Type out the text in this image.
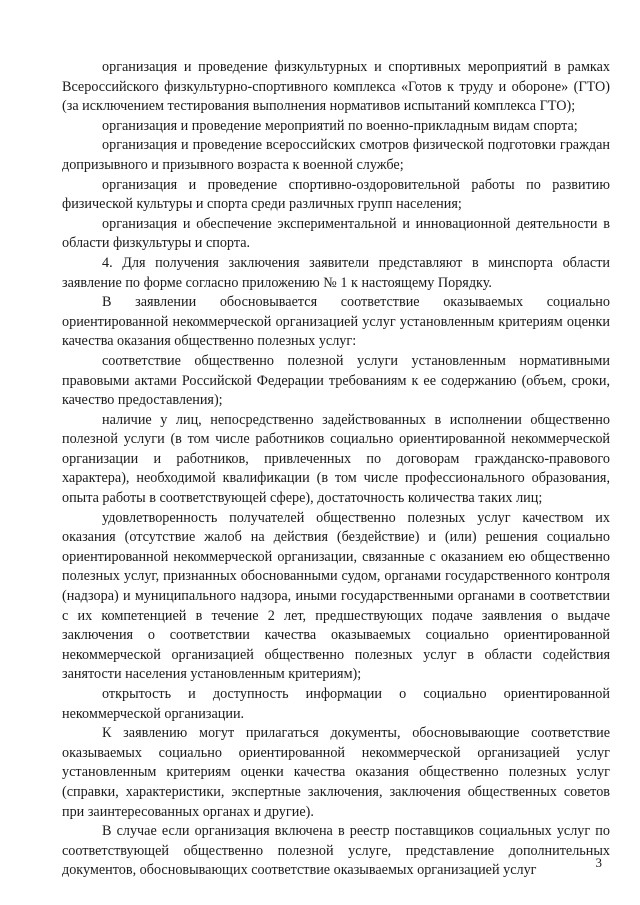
организация и проведение физкультурных и спортивных мероприятий в рамках Всероссийского физкультурно-спортивного комплекса «Готов к труду и обороне» (ГТО) (за исключением тестирования выполнения нормативов испытаний комплекса ГТО);

организация и проведение мероприятий по военно-прикладным видам спорта;

организация и проведение всероссийских смотров физической подготовки граждан допризывного и призывного возраста к военной службе;

организация и проведение спортивно-оздоровительной работы по развитию физической культуры и спорта среди различных групп населения;

организация и обеспечение экспериментальной и инновационной деятельности в области физкультуры и спорта.

4. Для получения заключения заявители представляют в минспорта области заявление по форме согласно приложению № 1 к настоящему Порядку.

В заявлении обосновывается соответствие оказываемых социально ориентированной некоммерческой организацией услуг установленным критериям оценки качества оказания общественно полезных услуг:

соответствие общественно полезной услуги установленным нормативными правовыми актами Российской Федерации требованиям к ее содержанию (объем, сроки, качество предоставления);

наличие у лиц, непосредственно задействованных в исполнении общественно полезной услуги (в том числе работников социально ориентированной некоммерческой организации и работников, привлеченных по договорам гражданско-правового характера), необходимой квалификации (в том числе профессионального образования, опыта работы в соответствующей сфере), достаточность количества таких лиц;

удовлетворенность получателей общественно полезных услуг качеством их оказания (отсутствие жалоб на действия (бездействие) и (или) решения социально ориентированной некоммерческой организации, связанные с оказанием ею общественно полезных услуг, признанных обоснованными судом, органами государственного контроля (надзора) и муниципального надзора, иными государственными органами в соответствии с их компетенцией в течение 2 лет, предшествующих подаче заявления о выдаче заключения о соответствии качества оказываемых социально ориентированной некоммерческой организацией общественно полезных услуг в области содействия занятости населения установленным критериям);

открытость и доступность информации о социально ориентированной некоммерческой организации.

К заявлению могут прилагаться документы, обосновывающие соответствие оказываемых социально ориентированной некоммерческой организацией услуг установленным критериям оценки качества оказания общественно полезных услуг (справки, характеристики, экспертные заключения, заключения общественных советов при заинтересованных органах и другие).

В случае если организация включена в реестр поставщиков социальных услуг по соответствующей общественно полезной услуге, представление дополнительных документов, обосновывающих соответствие оказываемых организацией услуг	3
